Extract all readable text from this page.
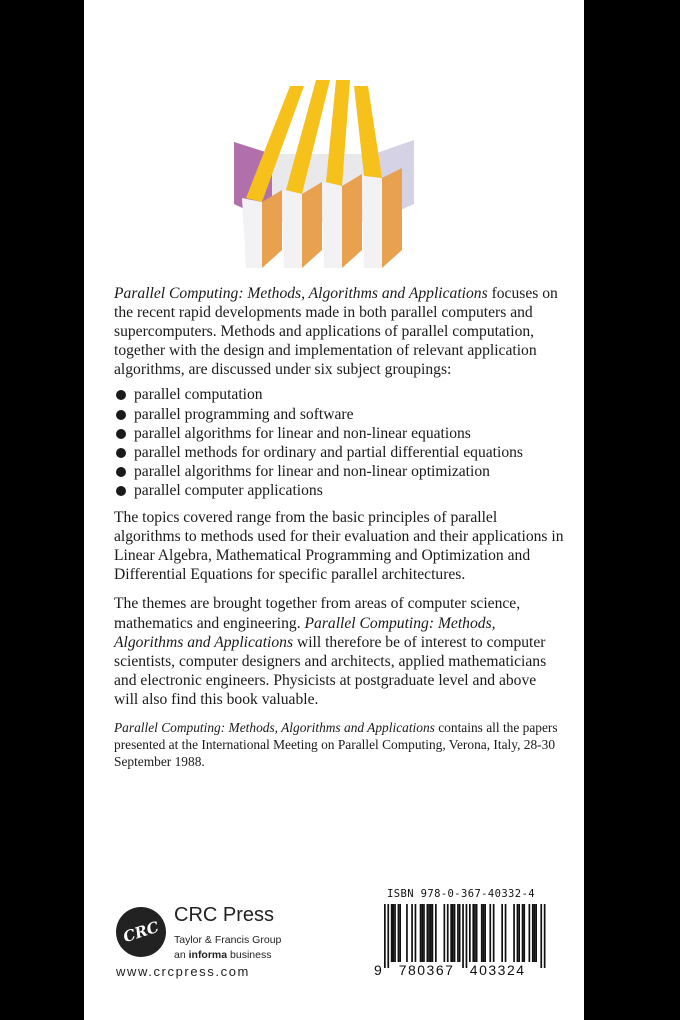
Parallel Computing: Methods, Algorithms and Applications focuses on the recent rapid developments made in both parallel computers and supercomputers. Methods and applications of parallel computation, together with the design and implementation of relevant application algorithms, are discussed under six subject groupings:

parallel computation
parallel programming and software
parallel algorithms for linear and non-linear equations
parallel methods for ordinary and partial differential equations
parallel algorithms for linear and non-linear optimization
parallel computer applications

The topics covered range from the basic principles of parallel algorithms to methods used for their evaluation and their applications in Linear Algebra, Mathematical Programming and Optimization and Differential Equations for specific parallel architectures.

The themes are brought together from areas of computer science, mathematics and engineering. Parallel Computing: Methods, Algorithms and Applications will therefore be of interest to computer scientists, computer designers and architects, applied mathematicians and electronic engineers. Physicists at postgraduate level and above will also find this book valuable.

Parallel Computing: Methods, Algorithms and Applications contains all the papers presented at the International Meeting on Parallel Computing, Verona, Italy, 28-30 September 1988.

CRC
CRC Press
Taylor & Francis Group
an informa business
www.crcpress.com
ISBN 978-0-367-40332-4
9 780367 403324
